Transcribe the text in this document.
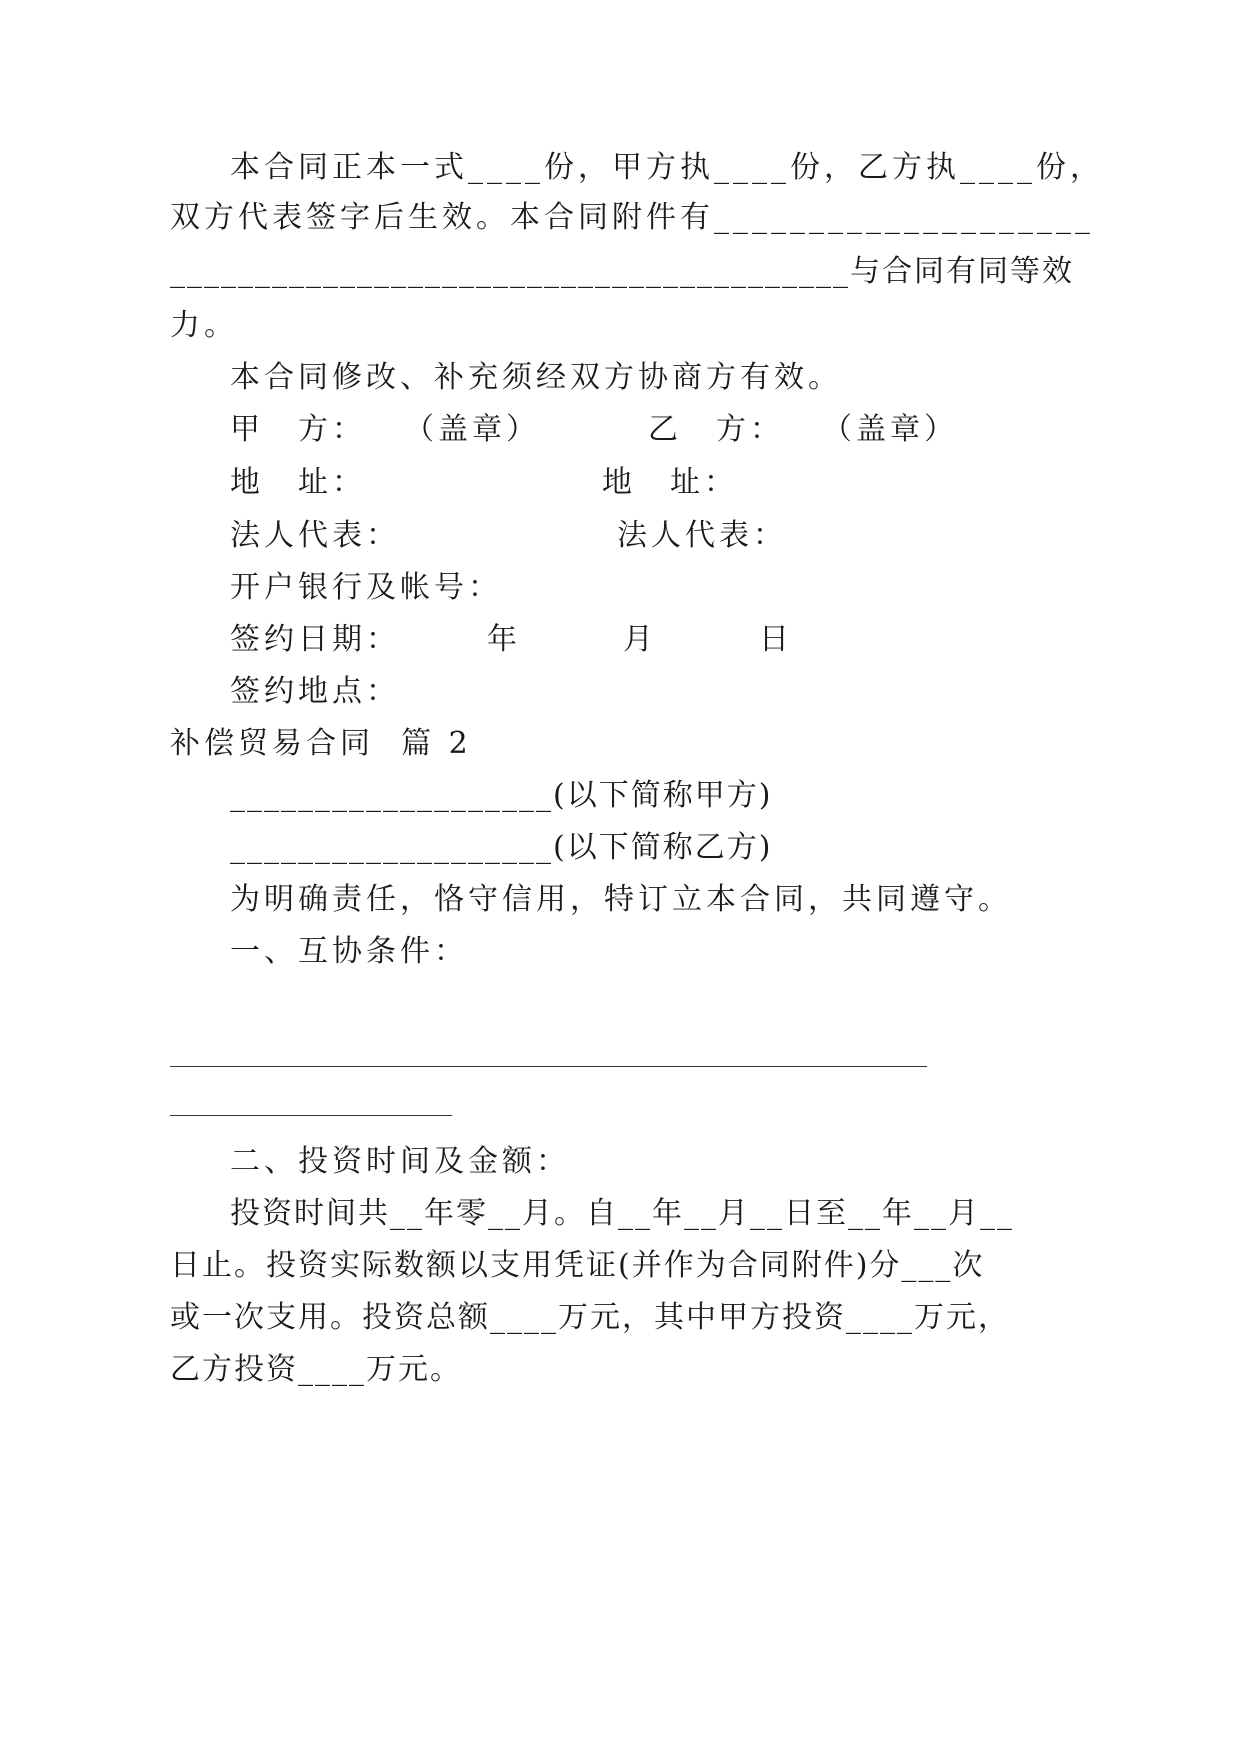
本合同正本一式____份，甲方执____份，乙方执____份，
双方代表签字后生效。本合同附件有____________________
________________________________________与合同有同等效
力。
本合同修改、补充须经双方协商方有效。
甲　方：　　（盖章）	乙　方：　　（盖章）
地　址：	地　址：
法人代表：	法人代表：
开户银行及帐号：
签约日期：　　　年　　　月　　　日
签约地点：
补偿贸易合同  篇 2
___________________(以下简称甲方)
___________________(以下简称乙方)
为明确责任，恪守信用，特订立本合同，共同遵守。
一、互协条件：
二、投资时间及金额：
投资时间共__年零__月。自__年__月__日至__年__月__
日止。投资实际数额以支用凭证(并作为合同附件)分___次
或一次支用。投资总额____万元，其中甲方投资____万元，
乙方投资____万元。
